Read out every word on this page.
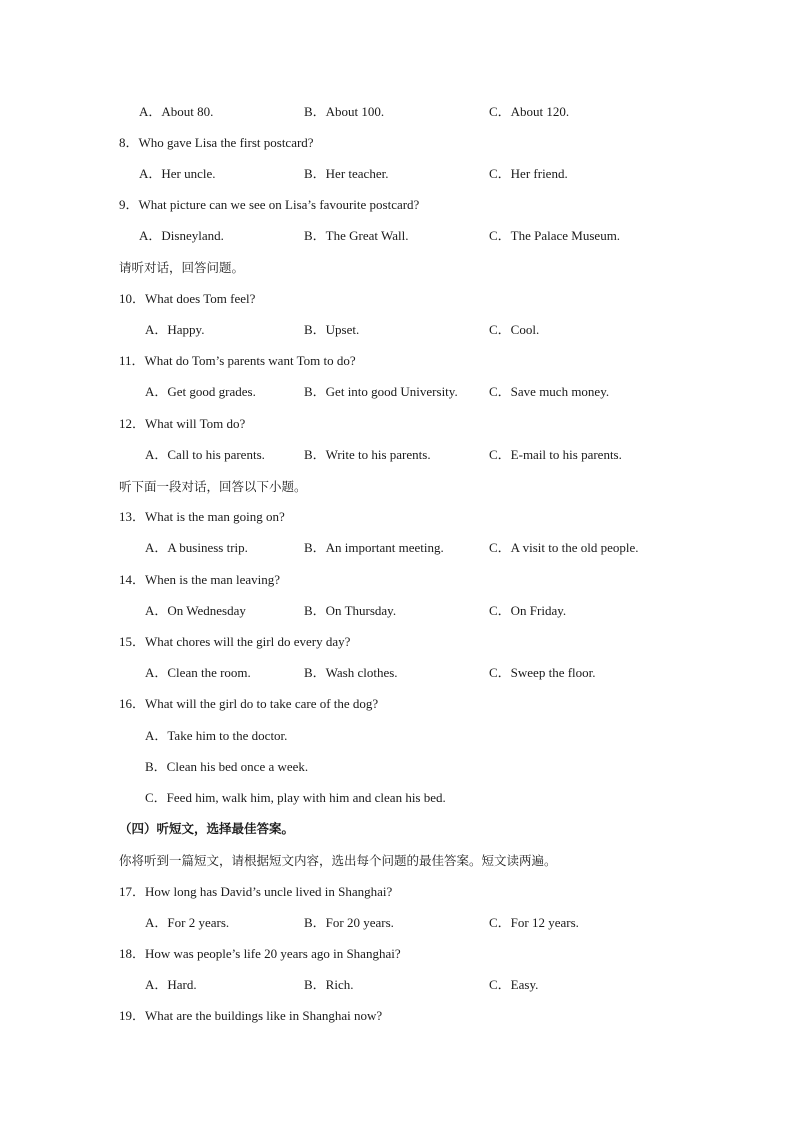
A．About 80.	B．About 100.	C．About 120.
8．Who gave Lisa the first postcard?
A．Her uncle.	B．Her teacher.	C．Her friend.
9．What picture can we see on Lisa’s favourite postcard?
A．Disneyland.	B．The Great Wall.	C．The Palace Museum.
请听对话，回答问题。
10．What does Tom feel?
A．Happy.	B．Upset.	C．Cool.
11．What do Tom’s parents want Tom to do?
A．Get good grades.	B．Get into good University. C．Save much money.
12．What will Tom do?
A．Call to his parents.	B．Write to his parents.	C．E-mail to his parents.
听下面一段对话，回答以下小题。
13．What is the man going on?
A．A business trip.	B．An important meeting.	C．A visit to the old people.
14．When is the man leaving?
A．On Wednesday	B．On Thursday.	C．On Friday.
15．What chores will the girl do every day?
A．Clean the room.	B．Wash clothes.	C．Sweep the floor.
16．What will the girl do to take care of the dog?
A．Take him to the doctor.
B．Clean his bed once a week.
C．Feed him, walk him, play with him and clean his bed.
（四）听短文，选择最佳答案。
你将听到一篇短文，请根据短文内容，选出每个问题的最佳答案。短文读两遍。
17．How long has David’s uncle lived in Shanghai?
A．For 2 years.	B．For 20 years.	C．For 12 years.
18．How was people’s life 20 years ago in Shanghai?
A．Hard.	B．Rich.	C．Easy.
19．What are the buildings like in Shanghai now?
